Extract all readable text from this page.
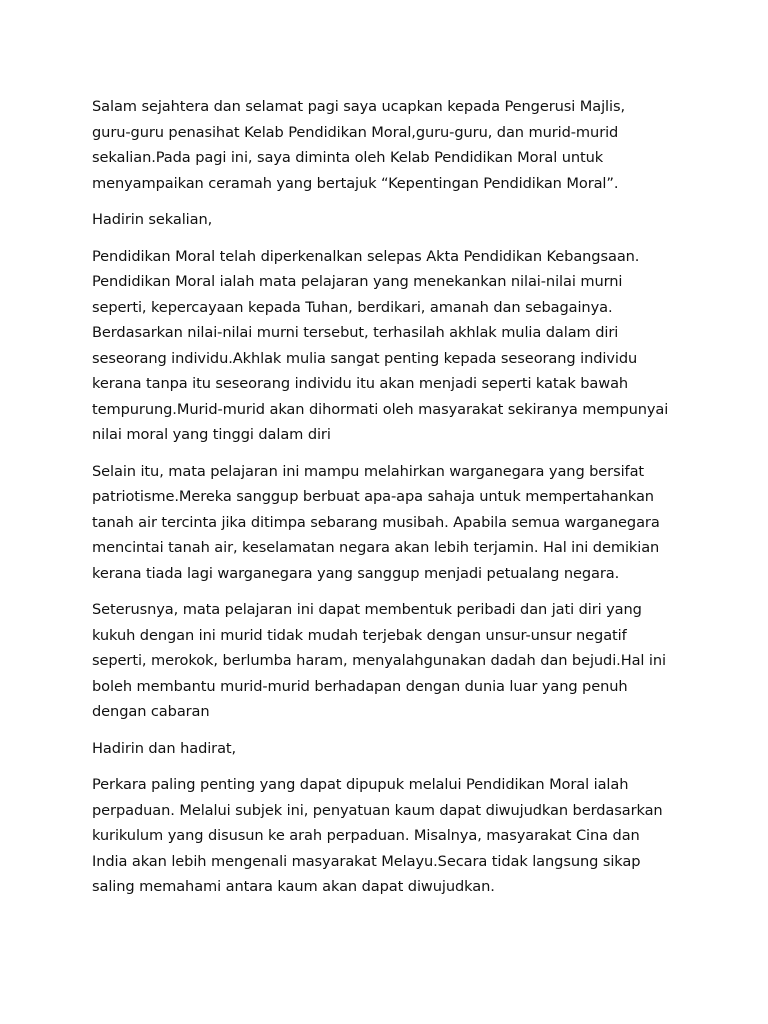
Salam sejahtera dan selamat pagi saya ucapkan kepada Pengerusi Majlis,
guru-guru penasihat Kelab Pendidikan Moral,guru-guru, dan murid-murid
sekalian.Pada pagi ini, saya diminta oleh Kelab Pendidikan Moral untuk
menyampaikan ceramah yang bertajuk “Kepentingan Pendidikan Moral”.

Hadirin sekalian,

Pendidikan Moral telah diperkenalkan selepas Akta Pendidikan Kebangsaan.
Pendidikan Moral ialah mata pelajaran yang menekankan nilai-nilai murni
seperti, kepercayaan kepada Tuhan, berdikari, amanah dan sebagainya.
Berdasarkan nilai-nilai murni tersebut, terhasilah akhlak mulia dalam diri
seseorang individu.Akhlak mulia sangat penting kepada seseorang individu
kerana tanpa itu seseorang individu itu akan menjadi seperti katak bawah
tempurung.Murid-murid akan dihormati oleh masyarakat sekiranya mempunyai
nilai moral yang tinggi dalam diri

Selain itu, mata pelajaran ini mampu melahirkan warganegara yang bersifat
patriotisme.Mereka sanggup berbuat apa-apa sahaja untuk mempertahankan
tanah air tercinta jika ditimpa sebarang musibah. Apabila semua warganegara
mencintai tanah air, keselamatan negara akan lebih terjamin. Hal ini demikian
kerana tiada lagi warganegara yang sanggup menjadi petualang negara.

Seterusnya, mata pelajaran ini dapat membentuk peribadi dan jati diri yang
kukuh dengan ini murid tidak mudah terjebak dengan unsur-unsur negatif
seperti, merokok, berlumba haram, menyalahgunakan dadah dan bejudi.Hal ini
boleh membantu murid-murid berhadapan dengan dunia luar yang penuh
dengan cabaran

Hadirin dan hadirat,

Perkara paling penting yang dapat dipupuk melalui Pendidikan Moral ialah
perpaduan. Melalui subjek ini, penyatuan kaum dapat diwujudkan berdasarkan
kurikulum yang disusun ke arah perpaduan. Misalnya, masyarakat Cina dan
India akan lebih mengenali masyarakat Melayu.Secara tidak langsung sikap
saling memahami antara kaum akan dapat diwujudkan.
